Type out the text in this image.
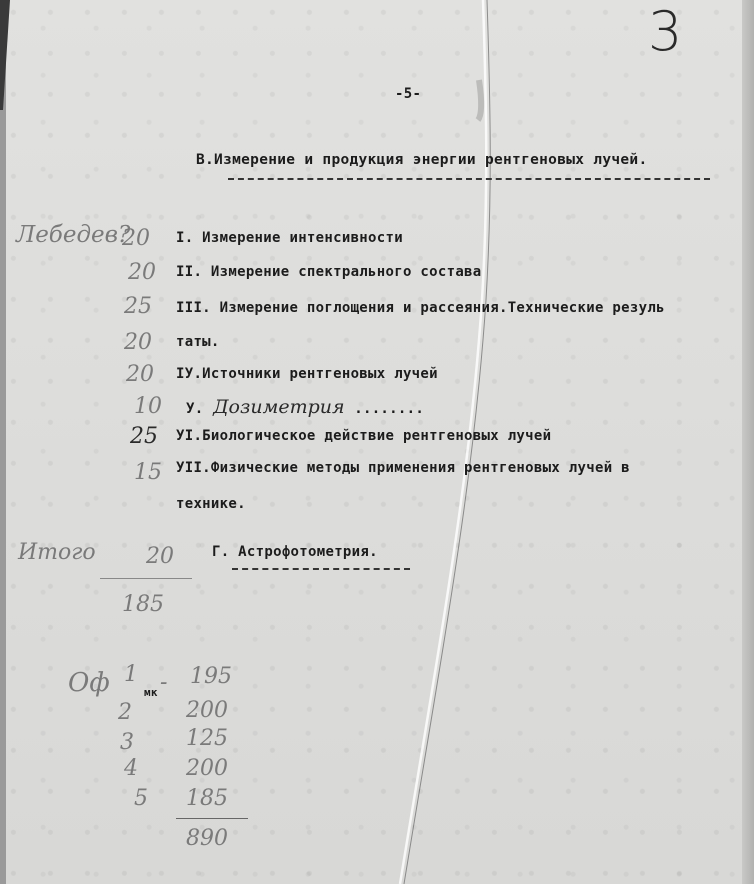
3
-5-
В.Измерение и продукция энергии рентгеновых лучей.
I. Измерение интенсивности
II. Измерение спектрального состава
III. Измерение поглощения и рассеяния.Технические резуль
таты.
IУ.Источники рентгеновых лучей
У. Дозиметрия ........
УI.Биологическое действие рентгеновых лучей
УII.Физические методы применения рентгеновых лучей в
технике.
20
20
25
20
20
10
25
15
Лебедев?
Г. Астрофотометрия.
Итого 20
185
Оф	мк
1
2
3
4
5
- 195
200
125
200
185
890
